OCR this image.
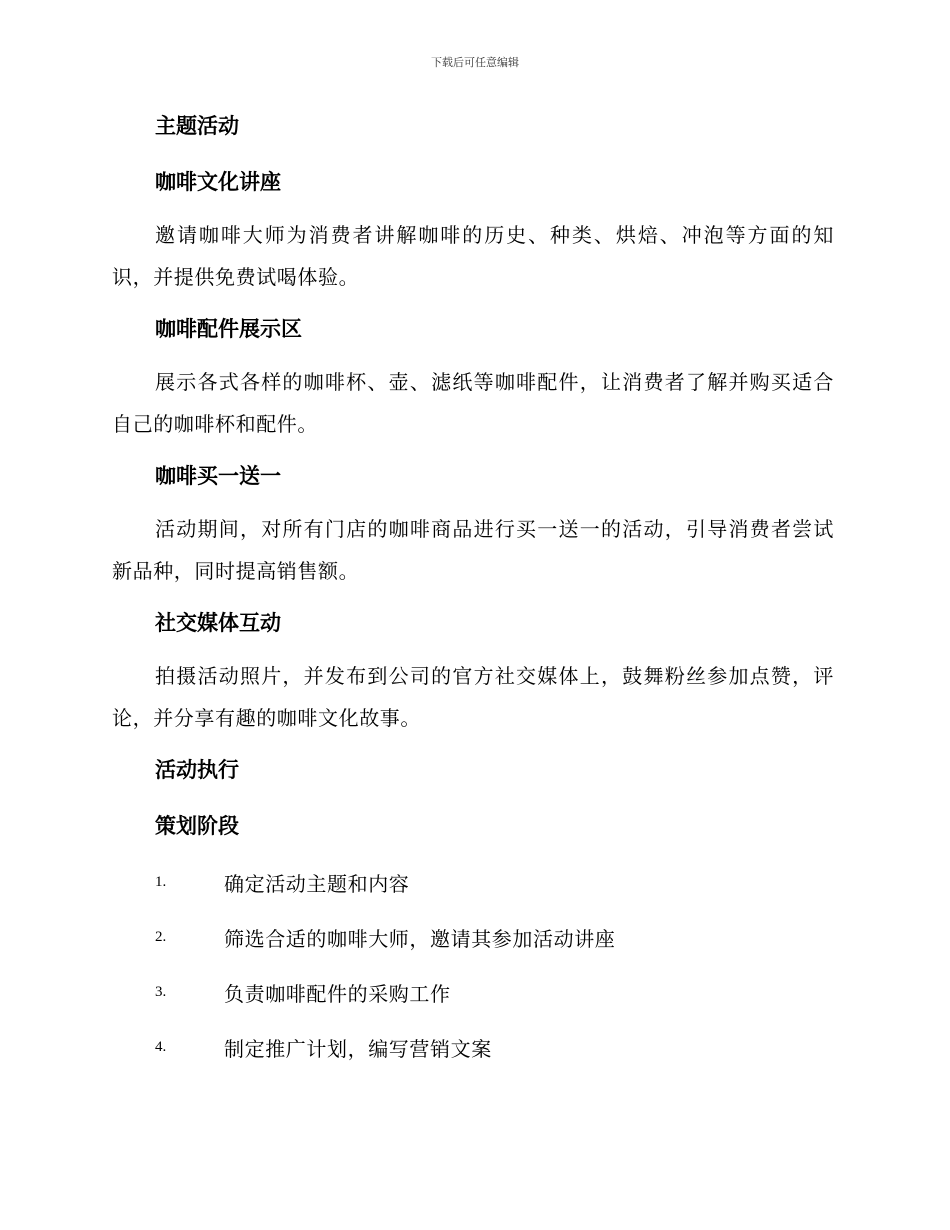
下载后可任意编辑
主题活动
咖啡文化讲座

邀请咖啡大师为消费者讲解咖啡的历史、种类、烘焙、冲泡等方面的知识，并提供免费试喝体验。

咖啡配件展示区

展示各式各样的咖啡杯、壶、滤纸等咖啡配件，让消费者了解并购买适合自己的咖啡杯和配件。

咖啡买一送一

活动期间，对所有门店的咖啡商品进行买一送一的活动，引导消费者尝试新品种，同时提高销售额。

社交媒体互动

拍摄活动照片，并发布到公司的官方社交媒体上，鼓舞粉丝参加点赞，评论，并分享有趣的咖啡文化故事。

活动执行
策划阶段
1.	确定活动主题和内容
2.	筛选合适的咖啡大师，邀请其参加活动讲座
3.	负责咖啡配件的采购工作
4.	制定推广计划，编写营销文案
